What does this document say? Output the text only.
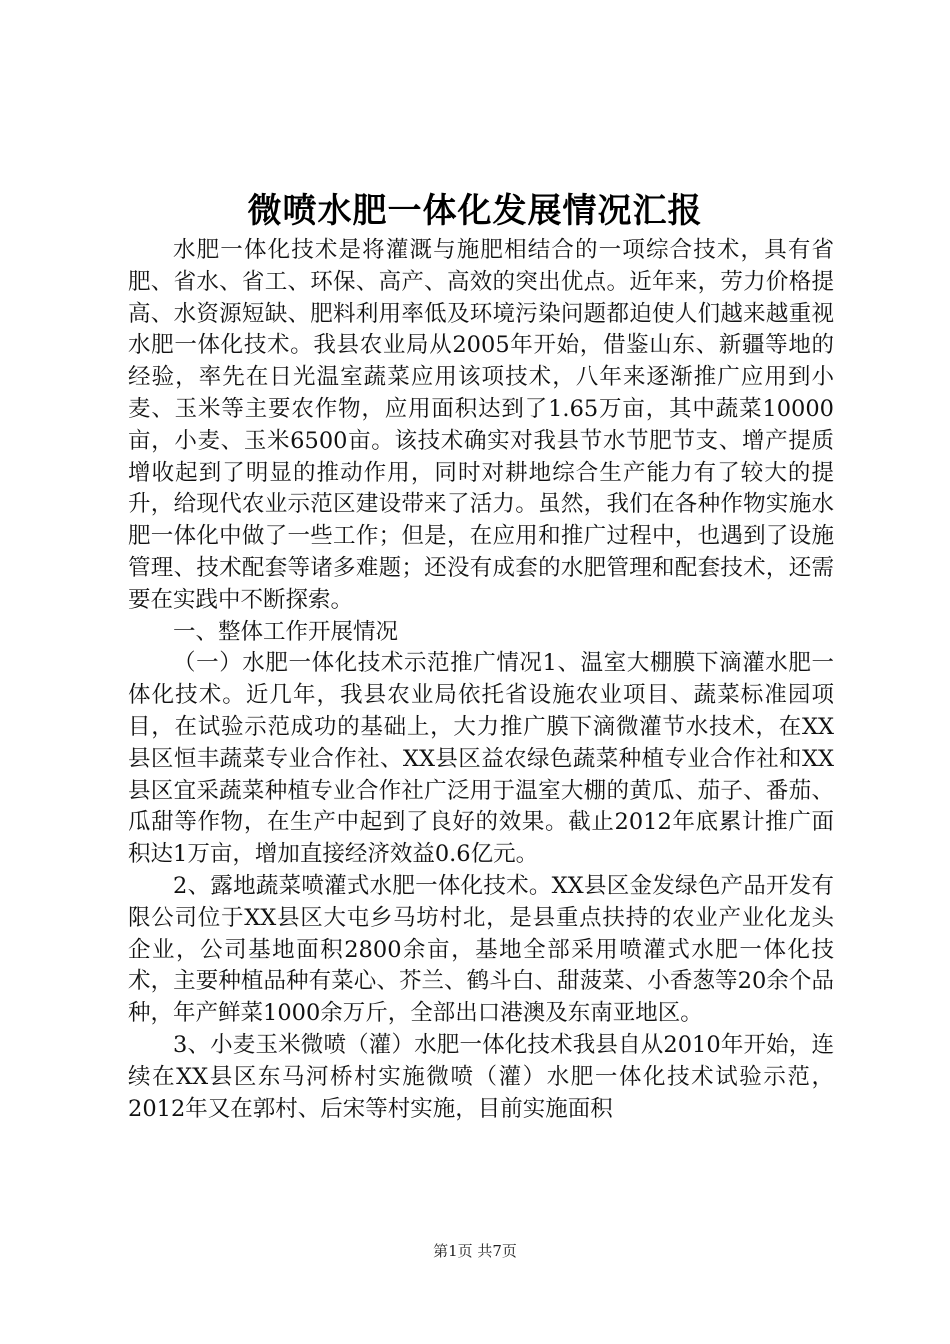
微喷水肥一体化发展情况汇报

水肥一体化技术是将灌溉与施肥相结合的一项综合技术，具有省肥、省水、省工、环保、高产、高效的突出优点。近年来，劳力价格提高、水资源短缺、肥料利用率低及环境污染问题都迫使人们越来越重视水肥一体化技术。我县农业局从2005年开始，借鉴山东、新疆等地的经验，率先在日光温室蔬菜应用该项技术，八年来逐渐推广应用到小麦、玉米等主要农作物，应用面积达到了1.65万亩，其中蔬菜10000亩，小麦、玉米6500亩。该技术确实对我县节水节肥节支、增产提质增收起到了明显的推动作用，同时对耕地综合生产能力有了较大的提升，给现代农业示范区建设带来了活力。虽然，我们在各种作物实施水肥一体化中做了一些工作；但是，在应用和推广过程中，也遇到了设施管理、技术配套等诸多难题；还没有成套的水肥管理和配套技术，还需要在实践中不断探索。

一、整体工作开展情况

（一）水肥一体化技术示范推广情况1、温室大棚膜下滴灌水肥一体化技术。近几年，我县农业局依托省设施农业项目、蔬菜标准园项目，在试验示范成功的基础上，大力推广膜下滴微灌节水技术，在XX县区恒丰蔬菜专业合作社、XX县区益农绿色蔬菜种植专业合作社和XX县区宜采蔬菜种植专业合作社广泛用于温室大棚的黄瓜、茄子、番茄、瓜甜等作物，在生产中起到了良好的效果。截止2012年底累计推广面积达1万亩，增加直接经济效益0.6亿元。

2、露地蔬菜喷灌式水肥一体化技术。XX县区金发绿色产品开发有限公司位于XX县区大屯乡马坊村北，是县重点扶持的农业产业化龙头企业，公司基地面积2800余亩，基地全部采用喷灌式水肥一体化技术，主要种植品种有菜心、芥兰、鹤斗白、甜菠菜、小香葱等20余个品种，年产鲜菜1000余万斤，全部出口港澳及东南亚地区。

3、小麦玉米微喷（灌）水肥一体化技术我县自从2010年开始，连续在XX县区东马河桥村实施微喷（灌）水肥一体化技术试验示范，2012年又在郭村、后宋等村实施，目前实施面积

第1页 共7页
